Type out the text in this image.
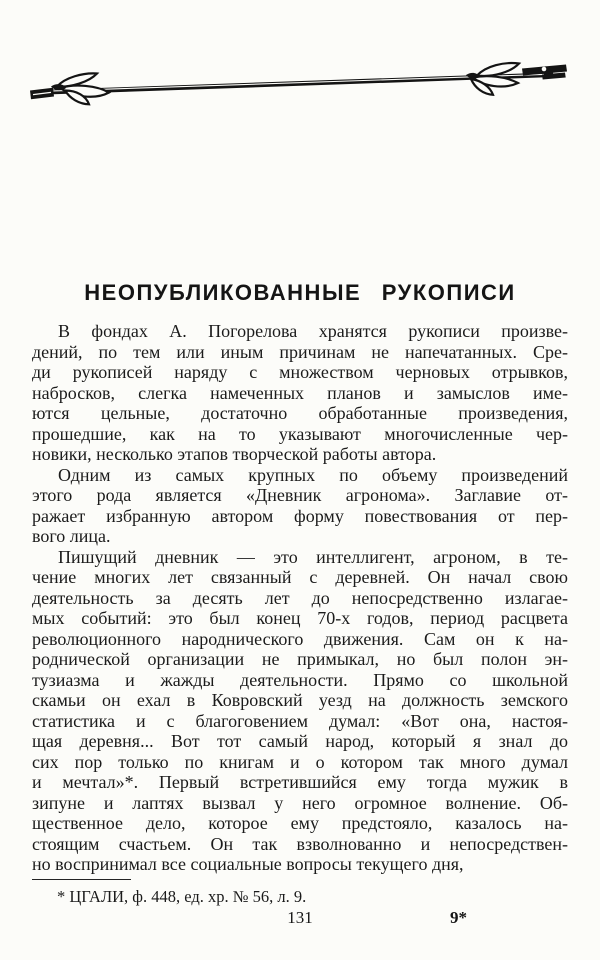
НЕОПУБЛИКОВАННЫЕ РУКОПИСИ
В фондах А. Погорелова хранятся рукописи произве-
дений, по тем или иным причинам не напечатанных. Сре-
ди рукописей наряду с множеством черновых отрывков,
набросков, слегка намеченных планов и замыслов име-
ются цельные, достаточно обработанные произведения,
прошедшие, как на то указывают многочисленные чер-
новики, несколько этапов творческой работы автора.
Одним из самых крупных по объему произведений
этого рода является «Дневник агронома». Заглавие от-
ражает избранную автором форму повествования от пер-
вого лица.
Пишущий дневник — это интеллигент, агроном, в те-
чение многих лет связанный с деревней. Он начал свою
деятельность за десять лет до непосредственно излагае-
мых событий: это был конец 70-х годов, период расцвета
революционного народнического движения. Сам он к на-
роднической организации не примыкал, но был полон эн-
тузиазма и жажды деятельности. Прямо со школьной
скамьи он ехал в Ковровский уезд на должность земского
статистика и с благоговением думал: «Вот она, настоя-
щая деревня... Вот тот самый народ, который я знал до
сих пор только по книгам и о котором так много думал
и мечтал»*. Первый встретившийся ему тогда мужик в
зипуне и лаптях вызвал у него огромное волнение. Об-
щественное дело, которое ему предстояло, казалось на-
стоящим счастьем. Он так взволнованно и непосредствен-
но воспринимал все социальные вопросы текущего дня,
* ЦГАЛИ, ф. 448, ед. хр. № 56, л. 9.
131	9*
